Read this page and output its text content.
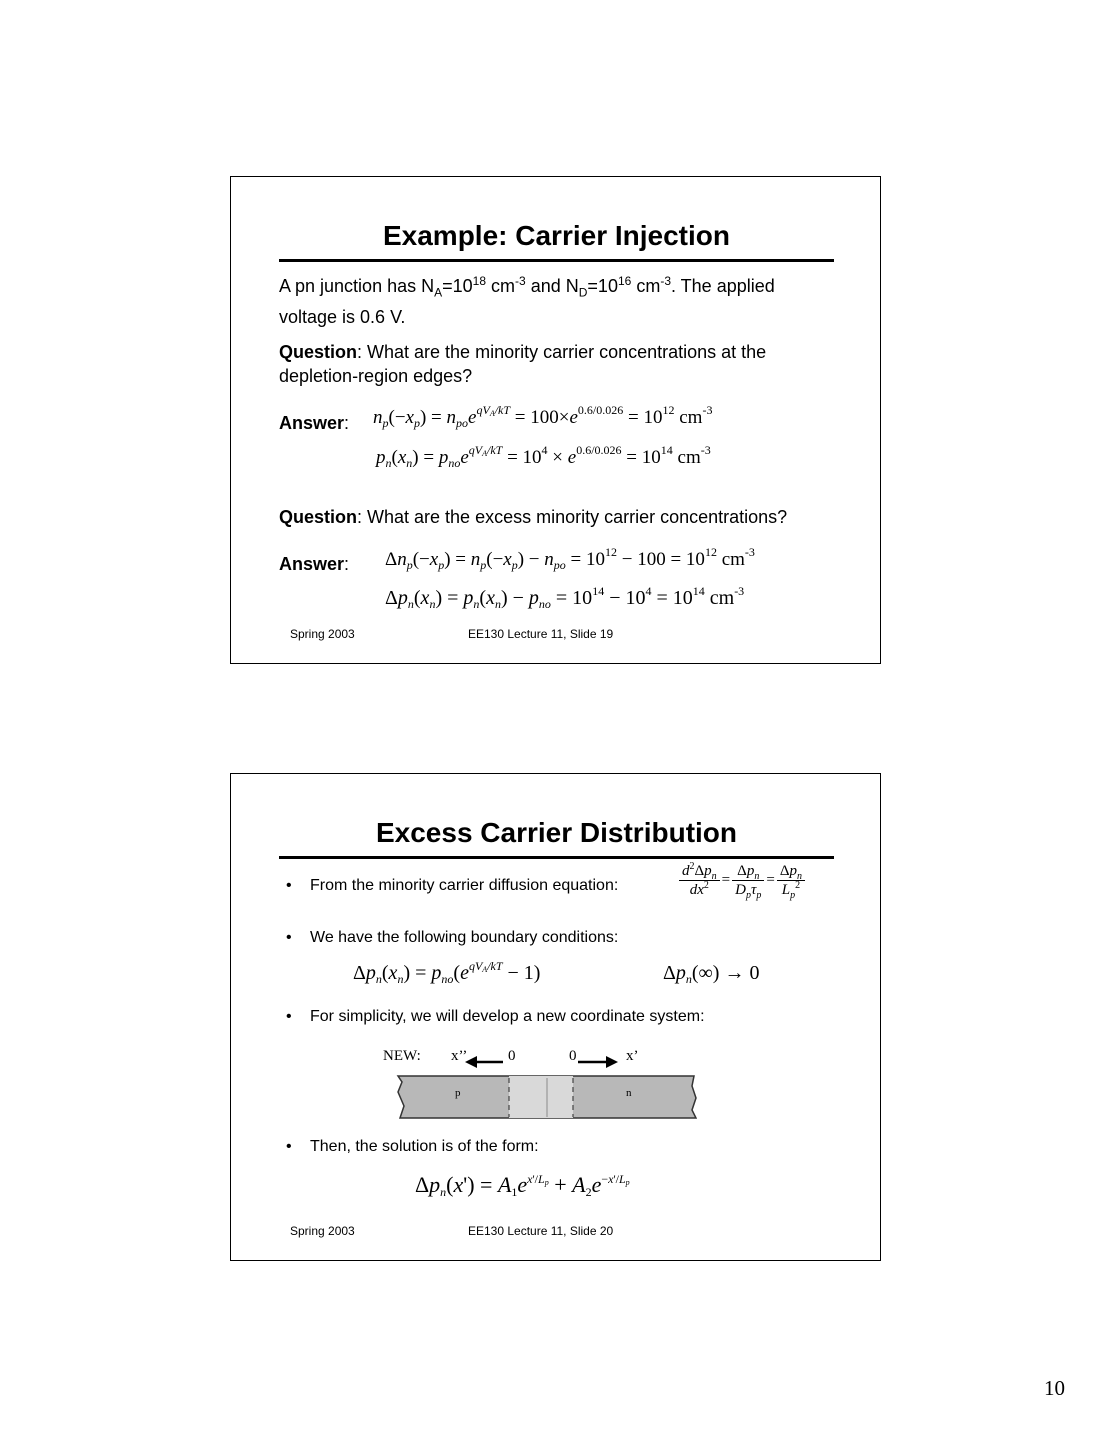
Example: Carrier Injection
A pn junction has $N_A=10^{18}$ $cm^{-3}$ and $N_D=10^{16}$ $cm^{-3}$. The applied
voltage is 0.6 V.
Question: What are the minority carrier concentrations at the
depletion-region edges?
Answer: $n_p(-x_p) = n_{po}e^{qV_A/kT} = 100\times e^{0.6/0.026} = 10^{12}$ $cm^{-3}$
$p_n(x_n) = p_{no}e^{qV_A/kT} = 10^4 \times e^{0.6/0.026} = 10^{14}$ $cm^{-3}$
Question: What are the excess minority carrier concentrations?
Answer: $\Delta n_p(-x_p) = n_p(-x_p) - n_{po} = 10^{12} - 100 = 10^{12}$ $cm^{-3}$
$\Delta p_n(x_n) = p_n(x_n) - p_{no} = 10^{14} - 10^4 = 10^{14}$ $cm^{-3}$
Spring 2003	EE130 Lecture 11, Slide 19
Excess Carrier Distribution
• From the minority carrier diffusion equation:	$\frac{d^2\Delta p_n}{dx^2} = \frac{\Delta p_n}{D_p\tau_p} = \frac{\Delta p_n}{L_p^2}$
• We have the following boundary conditions:
$\Delta p_n(x_n) = p_{no}(e^{qV_A/kT} - 1)$	$\Delta p_n(\infty) \to 0$
• For simplicity, we will develop a new coordinate system:
NEW: x’’	0	0	x’
p	n
• Then, the solution is of the form:
$\Delta p_n(x') = A_1e^{x'/L_p} + A_2e^{-x'/L_p}$
Spring 2003	EE130 Lecture 11, Slide 20
10
